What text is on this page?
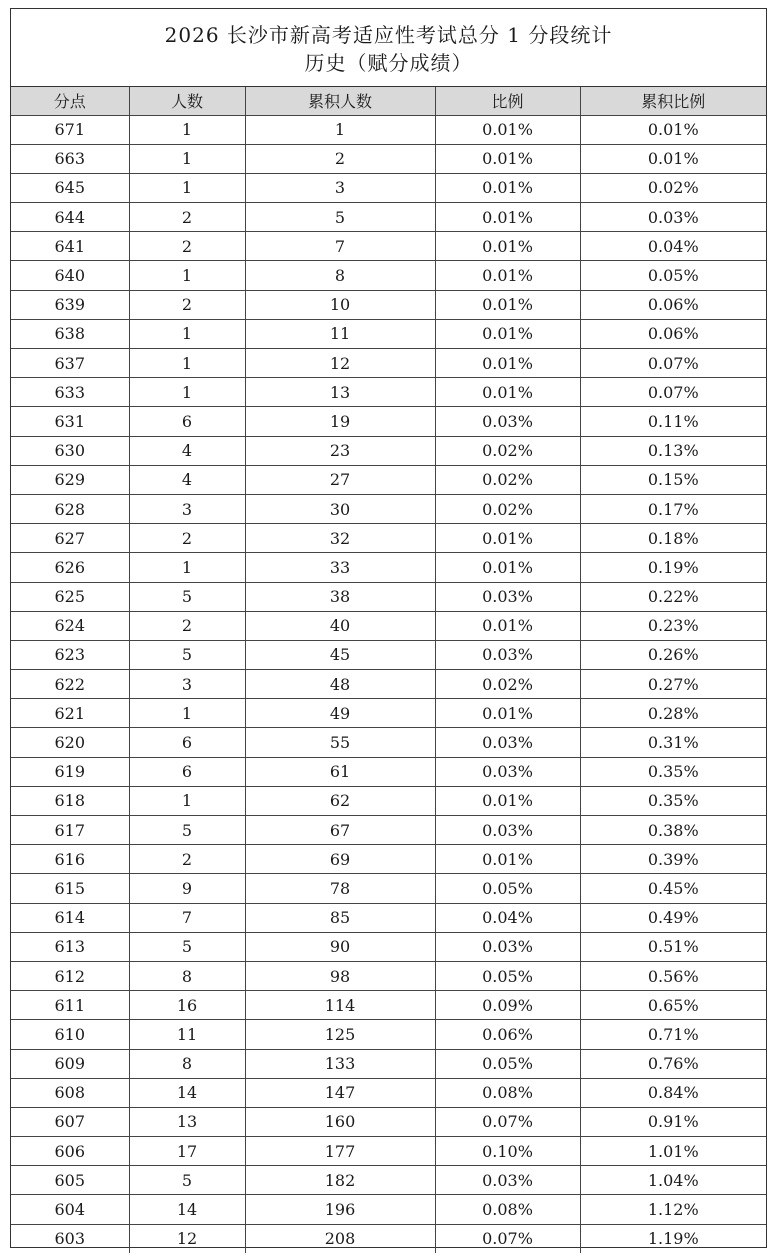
2026 长沙市新高考适应性考试总分 1 分段统计
历史（赋分成绩）
分点	人数	累积人数	比例	累积比例
671	1	1	0.01%	0.01%
663	1	2	0.01%	0.01%
645	1	3	0.01%	0.02%
644	2	5	0.01%	0.03%
641	2	7	0.01%	0.04%
640	1	8	0.01%	0.05%
639	2	10	0.01%	0.06%
638	1	11	0.01%	0.06%
637	1	12	0.01%	0.07%
633	1	13	0.01%	0.07%
631	6	19	0.03%	0.11%
630	4	23	0.02%	0.13%
629	4	27	0.02%	0.15%
628	3	30	0.02%	0.17%
627	2	32	0.01%	0.18%
626	1	33	0.01%	0.19%
625	5	38	0.03%	0.22%
624	2	40	0.01%	0.23%
623	5	45	0.03%	0.26%
622	3	48	0.02%	0.27%
621	1	49	0.01%	0.28%
620	6	55	0.03%	0.31%
619	6	61	0.03%	0.35%
618	1	62	0.01%	0.35%
617	5	67	0.03%	0.38%
616	2	69	0.01%	0.39%
615	9	78	0.05%	0.45%
614	7	85	0.04%	0.49%
613	5	90	0.03%	0.51%
612	8	98	0.05%	0.56%
611	16	114	0.09%	0.65%
610	11	125	0.06%	0.71%
609	8	133	0.05%	0.76%
608	14	147	0.08%	0.84%
607	13	160	0.07%	0.91%
606	17	177	0.10%	1.01%
605	5	182	0.03%	1.04%
604	14	196	0.08%	1.12%
603	12	208	0.07%	1.19%
